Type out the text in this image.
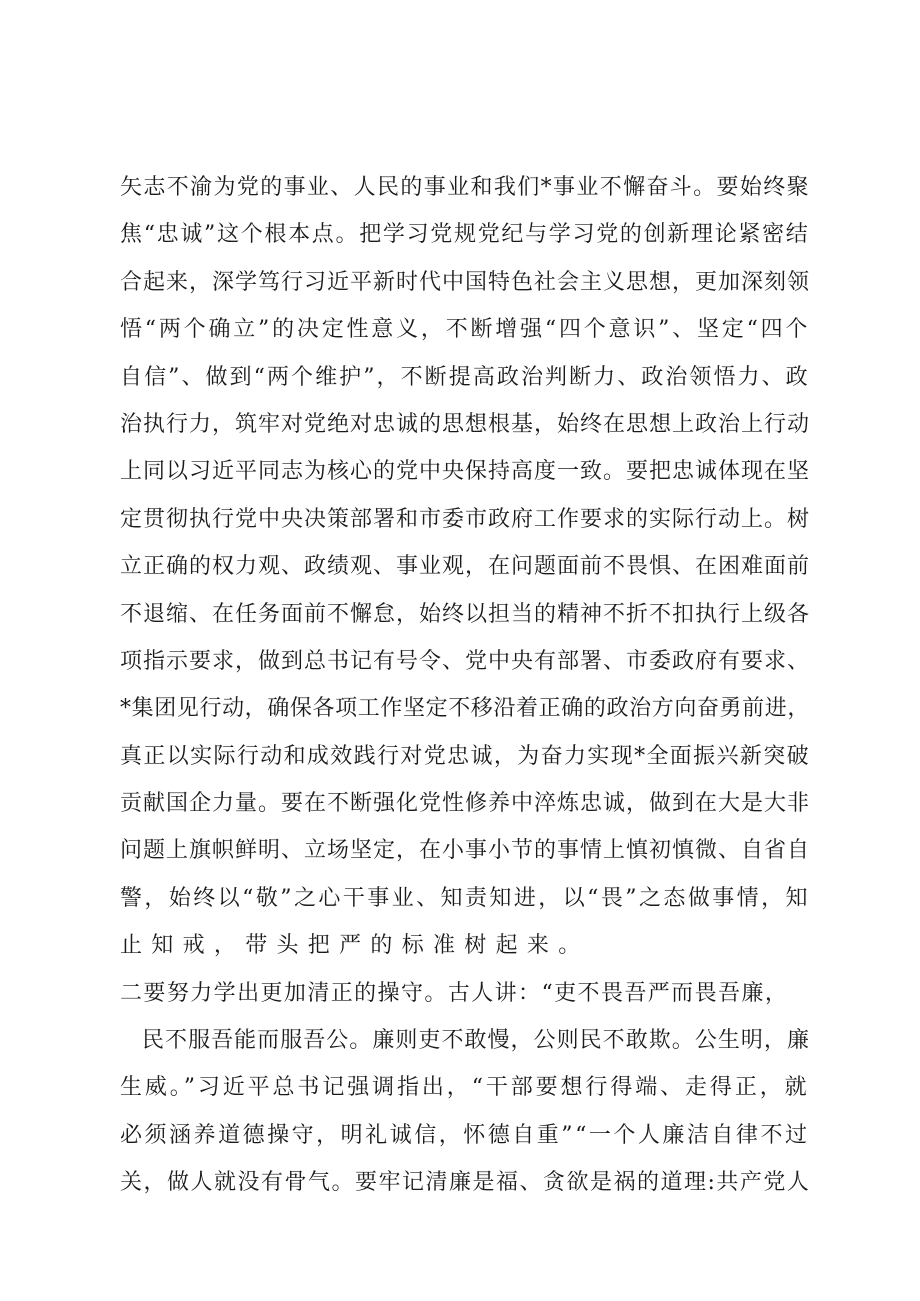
矢志不渝为党的事业、人民的事业和我们*事业不懈奋斗。要始终聚
焦“忠诚”这个根本点。把学习党规党纪与学习党的创新理论紧密结
合起来，深学笃行习近平新时代中国特色社会主义思想，更加深刻领
悟“两个确立”的决定性意义，不断增强“四个意识”、坚定“四个
自信”、做到“两个维护”，不断提高政治判断力、政治领悟力、政
治执行力，筑牢对党绝对忠诚的思想根基，始终在思想上政治上行动
上同以习近平同志为核心的党中央保持高度一致。要把忠诚体现在坚
定贯彻执行党中央决策部署和市委市政府工作要求的实际行动上。树
立正确的权力观、政绩观、事业观，在问题面前不畏惧、在困难面前
不退缩、在任务面前不懈怠，始终以担当的精神不折不扣执行上级各
项指示要求，做到总书记有号令、党中央有部署、市委政府有要求、
*集团见行动，确保各项工作坚定不移沿着正确的政治方向奋勇前进，
真正以实际行动和成效践行对党忠诚，为奋力实现*全面振兴新突破
贡献国企力量。要在不断强化党性修养中淬炼忠诚，做到在大是大非
问题上旗帜鲜明、立场坚定，在小事小节的事情上慎初慎微、自省自
警，始终以“敬”之心干事业、知责知进，以“畏”之态做事情，知
止知戒，带头把严的标准树起来。
二要努力学出更加清正的操守。古人讲：“吏不畏吾严而畏吾廉，
民不服吾能而服吾公。廉则吏不敢慢，公则民不敢欺。公生明，廉
生威。”习近平总书记强调指出，“干部要想行得端、走得正，就
必须涵养道德操守，明礼诚信，怀德自重”“一个人廉洁自律不过
关，做人就没有骨气。要牢记清廉是福、贪欲是祸的道理:共产党人
